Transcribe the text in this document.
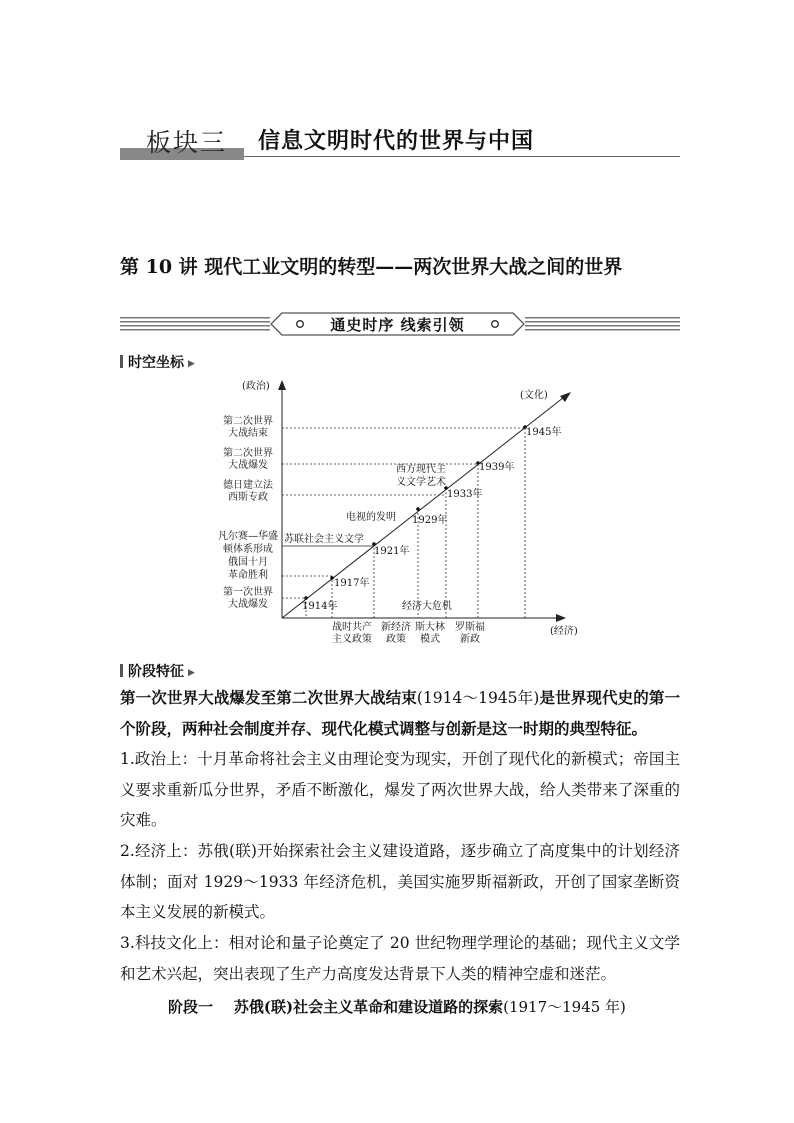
板块三 信息文明时代的世界与中国
第 10 讲 现代工业文明的转型——两次世界大战之间的世界
通史时序 线索引领
时空坐标 ▶
(政治)
(经济)
(文化)
第二次世界
大战结束
第二次世界
大战爆发
德日建立法
西斯专政
凡尔赛—华盛
顿体系形成
俄国十月
革命胜利
第一次世界
大战爆发	1914年
1917年
1921年
1929年
1933年
1939年
1945年
苏联社会主义文学
电视的发明
西方现代主
义文学艺术
经济大危机
战时共产
主义政策
新经济
政策
斯大林
模式
罗斯福
新政
阶段特征 ▶
第一次世界大战爆发至第二次世界大战结束(1914～1945年)是世界现代史的第一个阶段，两种社会制度并存、现代化模式调整与创新是这一时期的典型特征。
1.政治上：十月革命将社会主义由理论变为现实，开创了现代化的新模式；帝国主义要求重新瓜分世界，矛盾不断激化，爆发了两次世界大战，给人类带来了深重的灾难。
2.经济上：苏俄(联)开始探索社会主义建设道路，逐步确立了高度集中的计划经济体制；面对 1929～1933 年经济危机，美国实施罗斯福新政，开创了国家垄断资本主义发展的新模式。
3.科技文化上：相对论和量子论奠定了 20 世纪物理学理论的基础；现代主义文学和艺术兴起，突出表现了生产力高度发达背景下人类的精神空虚和迷茫。
阶段一    苏俄(联)社会主义革命和建设道路的探索(1917～1945 年)
